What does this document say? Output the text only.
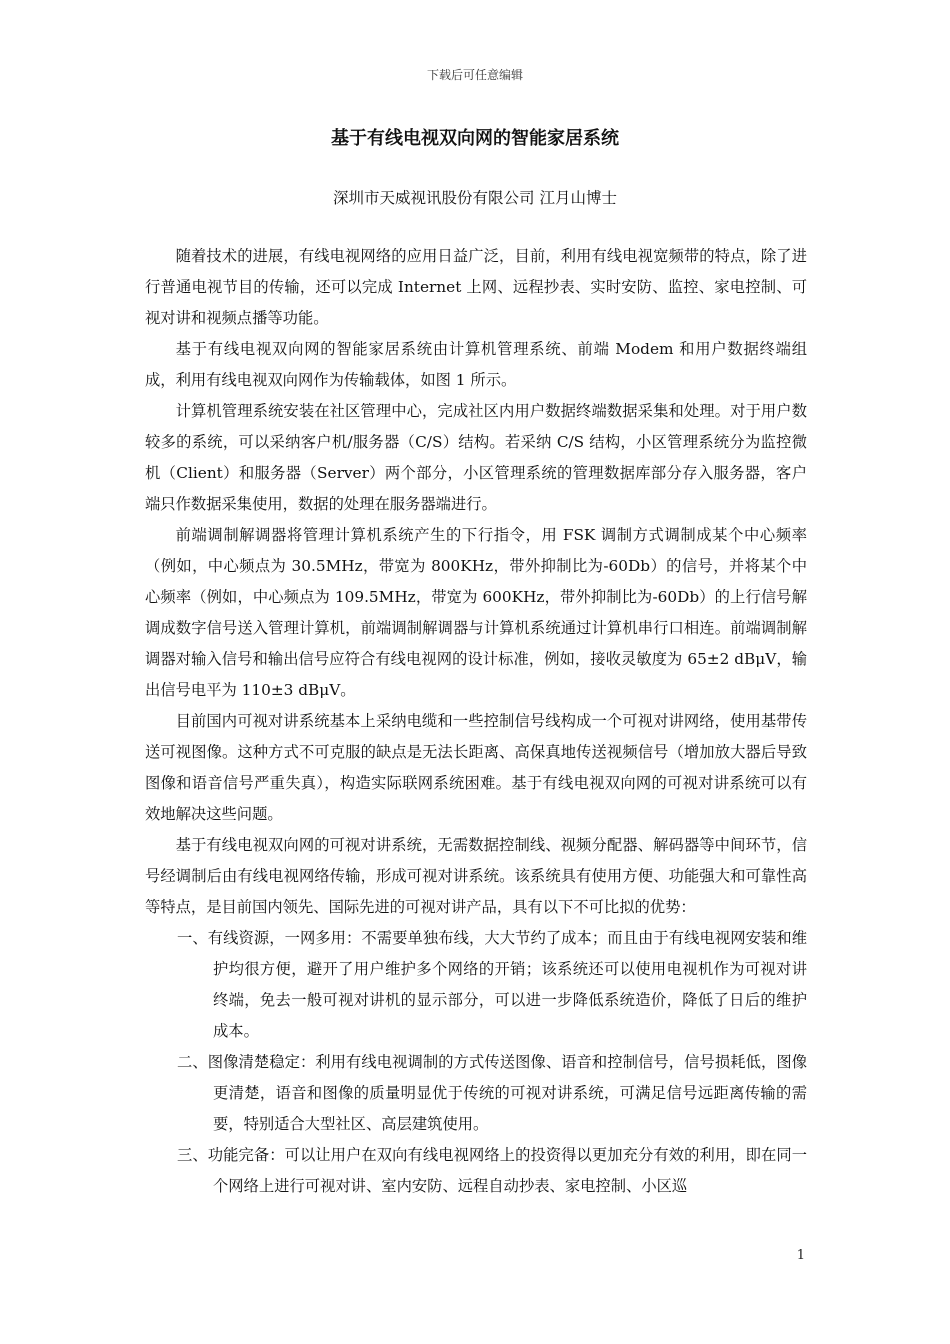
下载后可任意编辑
基于有线电视双向网的智能家居系统
深圳市天威视讯股份有限公司 江月山博士

随着技术的进展，有线电视网络的应用日益广泛，目前，利用有线电视宽频带的特点，除了进行普通电视节目的传输，还可以完成 Internet 上网、远程抄表、实时安防、监控、家电控制、可视对讲和视频点播等功能。

基于有线电视双向网的智能家居系统由计算机管理系统、前端 Modem 和用户数据终端组成，利用有线电视双向网作为传输载体，如图 1 所示。

计算机管理系统安装在社区管理中心，完成社区内用户数据终端数据采集和处理。对于用户数较多的系统，可以采纳客户机/服务器（C/S）结构。若采纳 C/S 结构，小区管理系统分为监控微机（Client）和服务器（Server）两个部分，小区管理系统的管理数据库部分存入服务器，客户端只作数据采集使用，数据的处理在服务器端进行。

前端调制解调器将管理计算机系统产生的下行指令，用 FSK 调制方式调制成某个中心频率（例如，中心频点为 30.5MHz，带宽为 800KHz，带外抑制比为-60Db）的信号，并将某个中心频率（例如，中心频点为 109.5MHz，带宽为 600KHz，带外抑制比为-60Db）的上行信号解调成数字信号送入管理计算机，前端调制解调器与计算机系统通过计算机串行口相连。前端调制解调器对输入信号和输出信号应符合有线电视网的设计标准，例如，接收灵敏度为 65±2 dBμV，输出信号电平为 110±3 dBμV。

目前国内可视对讲系统基本上采纳电缆和一些控制信号线构成一个可视对讲网络，使用基带传送可视图像。这种方式不可克服的缺点是无法长距离、高保真地传送视频信号（增加放大器后导致图像和语音信号严重失真），构造实际联网系统困难。基于有线电视双向网的可视对讲系统可以有效地解决这些问题。

基于有线电视双向网的可视对讲系统，无需数据控制线、视频分配器、解码器等中间环节，信号经调制后由有线电视网络传输，形成可视对讲系统。该系统具有使用方便、功能强大和可靠性高等特点，是目前国内领先、国际先进的可视对讲产品，具有以下不可比拟的优势：

一、有线资源，一网多用：不需要单独布线，大大节约了成本；而且由于有线电视网安装和维护均很方便，避开了用户维护多个网络的开销；该系统还可以使用电视机作为可视对讲终端，免去一般可视对讲机的显示部分，可以进一步降低系统造价，降低了日后的维护成本。
二、图像清楚稳定：利用有线电视调制的方式传送图像、语音和控制信号，信号损耗低，图像更清楚，语音和图像的质量明显优于传统的可视对讲系统，可满足信号远距离传输的需要，特别适合大型社区、高层建筑使用。
三、功能完备：可以让用户在双向有线电视网络上的投资得以更加充分有效的利用，即在同一个网络上进行可视对讲、室内安防、远程自动抄表、家电控制、小区巡
1
